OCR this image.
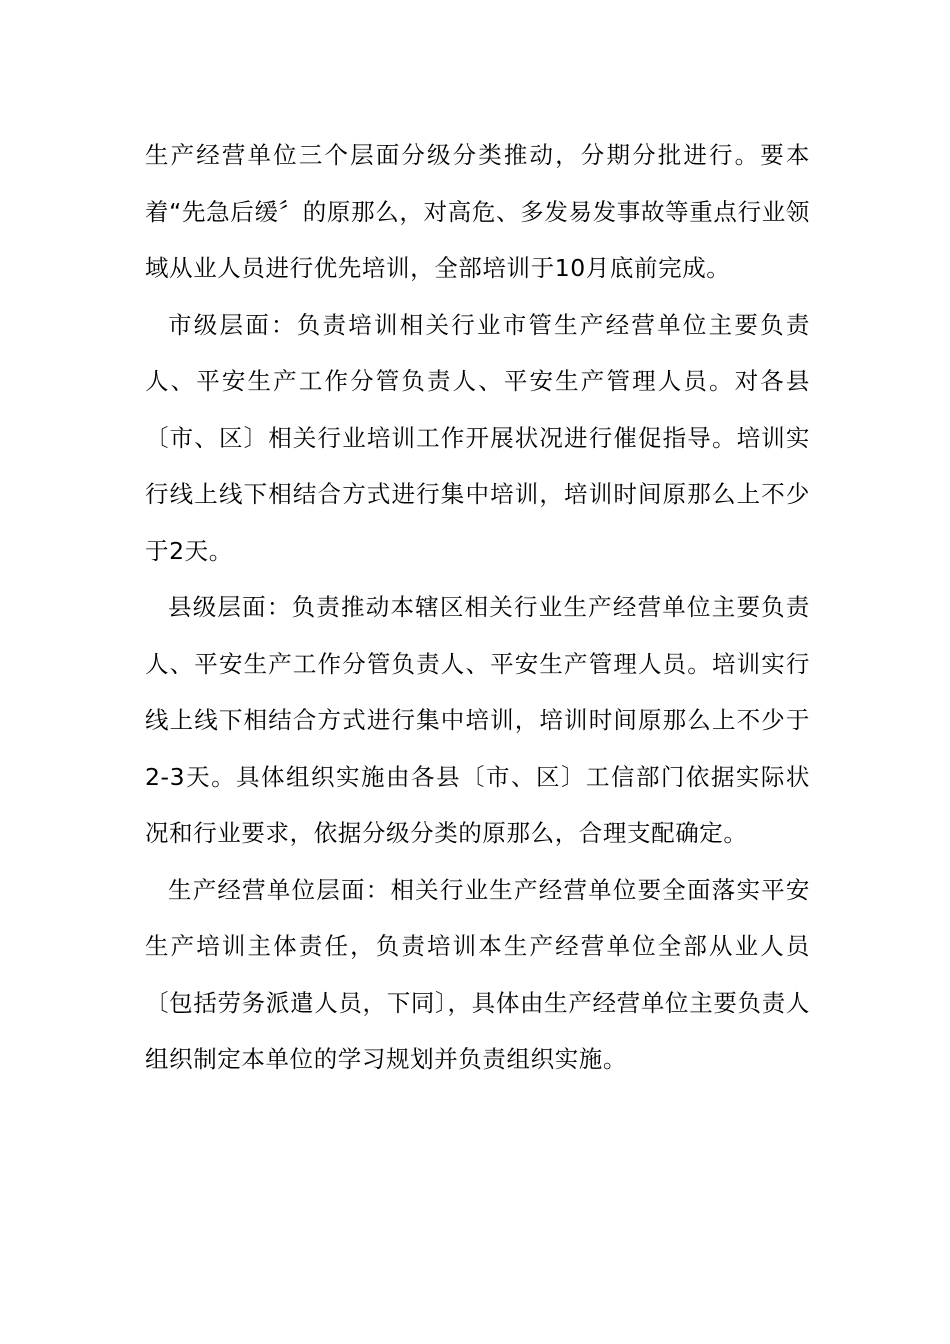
生产经营单位三个层面分级分类推动，分期分批进行。要本着“先急后缓〞的原那么，对高危、多发易发事故等重点行业领域从业人员进行优先培训，全部培训于10月底前完成。

市级层面：负责培训相关行业市管生产经营单位主要负责人、平安生产工作分管负责人、平安生产管理人员。对各县〔市、区〕相关行业培训工作开展状况进行催促指导。培训实行线上线下相结合方式进行集中培训，培训时间原那么上不少于2天。

县级层面：负责推动本辖区相关行业生产经营单位主要负责人、平安生产工作分管负责人、平安生产管理人员。培训实行线上线下相结合方式进行集中培训，培训时间原那么上不少于2-3天。具体组织实施由各县〔市、区〕工信部门依据实际状况和行业要求，依据分级分类的原那么，合理支配确定。

生产经营单位层面：相关行业生产经营单位要全面落实平安生产培训主体责任，负责培训本生产经营单位全部从业人员〔包括劳务派遣人员，下同〕，具体由生产经营单位主要负责人组织制定本单位的学习规划并负责组织实施。
